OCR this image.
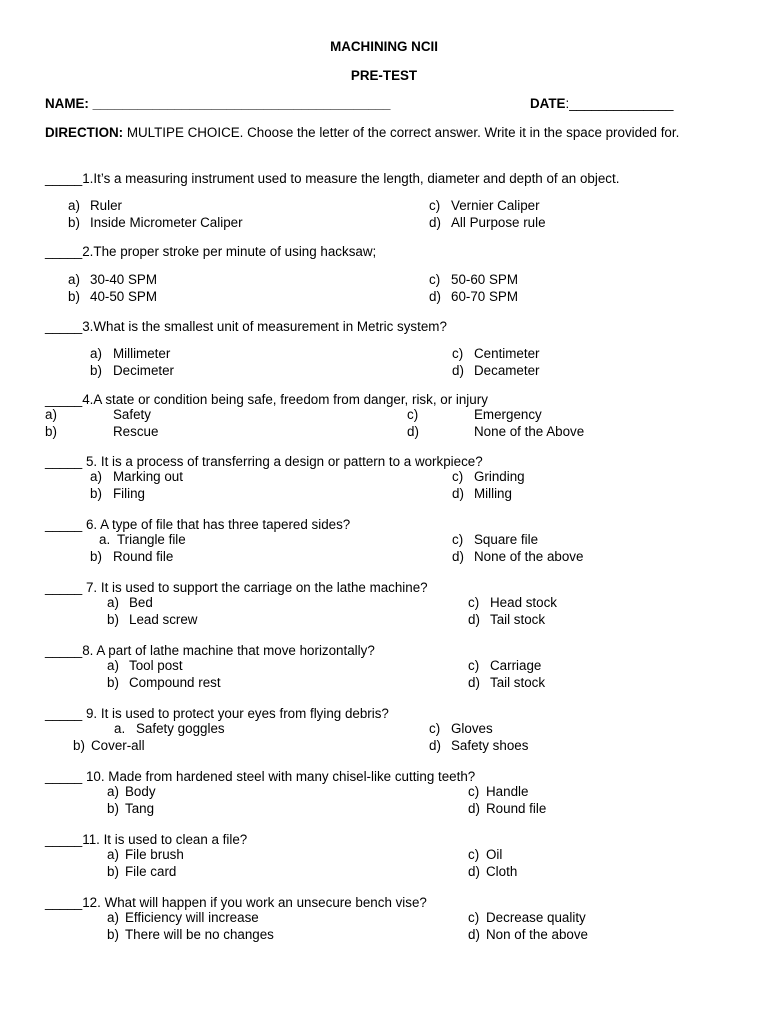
MACHINING NCII
PRE-TEST
NAME: ________________________________________	DATE:______________
DIRECTION: MULTIPE CHOICE. Choose the letter of the correct answer. Write it in the space provided for.
_____1.It’s a measuring instrument used to measure the length, diameter and depth of an object.
a) Ruler
b) Inside Micrometer Caliper
c) Vernier Caliper
d) All Purpose rule
_____2.The proper stroke per minute of using hacksaw;
a) 30-40 SPM
b) 40-50 SPM
c) 50-60 SPM
d) 60-70 SPM
_____3.What is the smallest unit of measurement in Metric system?
a) Millimeter
b) Decimeter
c) Centimeter
d) Decameter
_____4.A state or condition being safe, freedom from danger, risk, or injury
a)	Safety
b)	Rescue
c)	Emergency
d)	None of the Above
_____ 5. It is a process of transferring a design or pattern to a workpiece?
a) Marking out
b) Filing
c) Grinding
d) Milling
_____ 6. A type of file that has three tapered sides?
a. Triangle file
b) Round file
c) Square file
d) None of the above
_____ 7. It is used to support the carriage on the lathe machine?
a) Bed
b) Lead screw
c) Head stock
d) Tail stock
_____8. A part of lathe machine that move horizontally?
a) Tool post
b) Compound rest
c) Carriage
d) Tail stock
_____ 9. It is used to protect your eyes from flying debris?
a. Safety goggles
b) Cover-all
c) Gloves
d) Safety shoes
_____ 10. Made from hardened steel with many chisel-like cutting teeth?
a) Body
b) Tang
c) Handle
d) Round file
_____11. It is used to clean a file?
a) File brush
b) File card
c) Oil
d) Cloth
_____12. What will happen if you work an unsecure bench vise?
a) Efficiency will increase
b) There will be no changes
c) Decrease quality
d) Non of the above
